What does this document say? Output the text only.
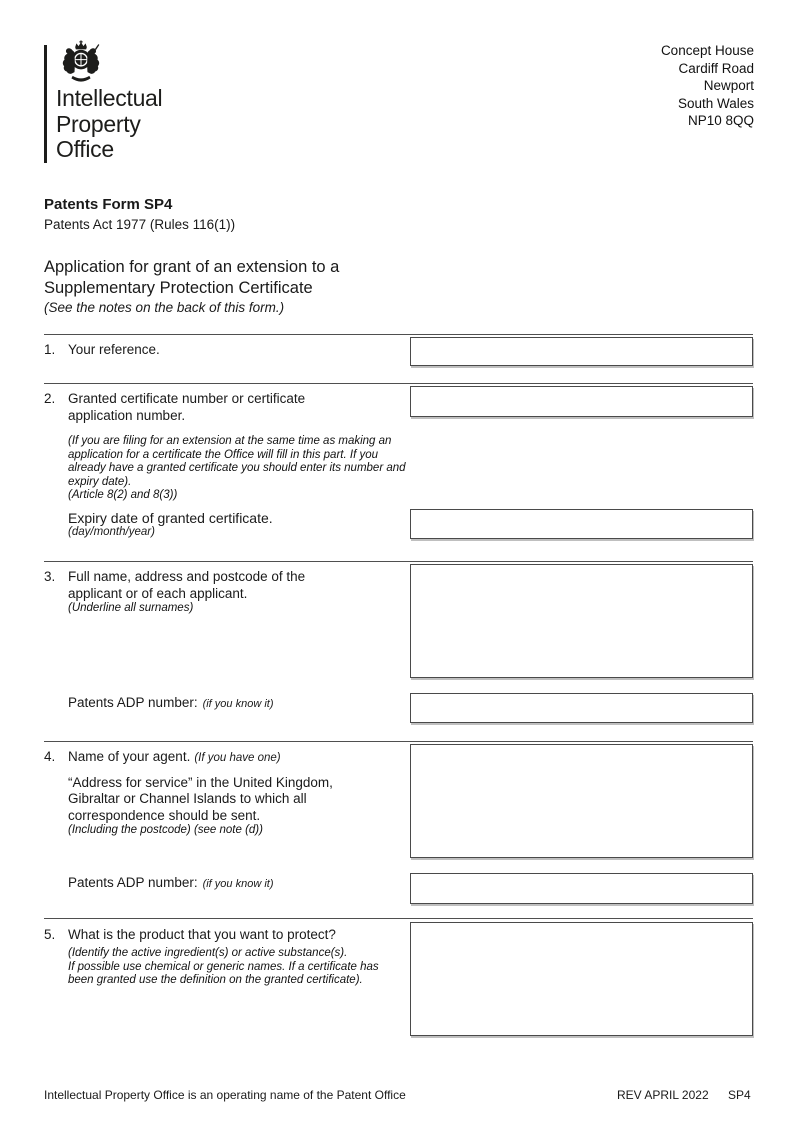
Intellectual
Property
Office
Concept House
Cardiff Road
Newport
South Wales
NP10 8QQ
Patents Form SP4
Patents Act 1977 (Rules 116(1))
Application for grant of an extension to a
Supplementary Protection Certificate
(See the notes on the back of this form.)
1. Your reference.
2. Granted certificate number or certificate
application number.
(If you are filing for an extension at the same time as making an
application for a certificate the Office will fill in this part. If you
already have a granted certificate you should enter its number and
expiry date).
(Article 8(2) and 8(3))
Expiry date of granted certificate.
(day/month/year)
3. Full name, address and postcode of the
applicant or of each applicant.
(Underline all surnames)
Patents ADP number: (if you know it)
4. Name of your agent. (If you have one)
“Address for service” in the United Kingdom,
Gibraltar or Channel Islands to which all
correspondence should be sent.
(Including the postcode) (see note (d))
Patents ADP number: (if you know it)
5. What is the product that you want to protect?
(Identify the active ingredient(s) or active substance(s).
If possible use chemical or generic names. If a certificate has
been granted use the definition on the granted certificate).
Intellectual Property Office is an operating name of the Patent Office	REV APRIL 2022 SP4
